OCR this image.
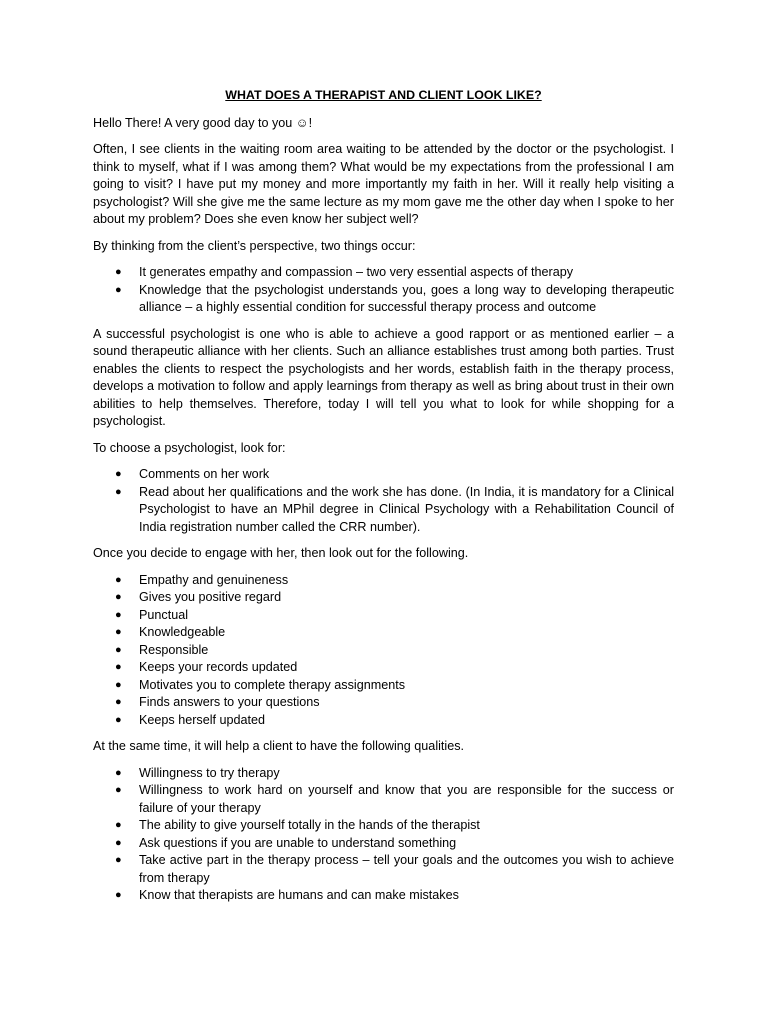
WHAT DOES A THERAPIST AND CLIENT LOOK LIKE?

Hello There! A very good day to you ☺!

Often, I see clients in the waiting room area waiting to be attended by the doctor or the psychologist. I think to myself, what if I was among them? What would be my expectations from the professional I am going to visit? I have put my money and more importantly my faith in her. Will it really help visiting a psychologist? Will she give me the same lecture as my mom gave me the other day when I spoke to her about my problem? Does she even know her subject well?

By thinking from the client’s perspective, two things occur:

● It generates empathy and compassion – two very essential aspects of therapy
● Knowledge that the psychologist understands you, goes a long way to developing therapeutic alliance – a highly essential condition for successful therapy process and outcome

A successful psychologist is one who is able to achieve a good rapport or as mentioned earlier – a sound therapeutic alliance with her clients. Such an alliance establishes trust among both parties. Trust enables the clients to respect the psychologists and her words, establish faith in the therapy process, develops a motivation to follow and apply learnings from therapy as well as bring about trust in their own abilities to help themselves. Therefore, today I will tell you what to look for while shopping for a psychologist.

To choose a psychologist, look for:

● Comments on her work
● Read about her qualifications and the work she has done. (In India, it is mandatory for a Clinical Psychologist to have an MPhil degree in Clinical Psychology with a Rehabilitation Council of India registration number called the CRR number).

Once you decide to engage with her, then look out for the following.

● Empathy and genuineness
● Gives you positive regard
● Punctual
● Knowledgeable
● Responsible
● Keeps your records updated
● Motivates you to complete therapy assignments
● Finds answers to your questions
● Keeps herself updated

At the same time, it will help a client to have the following qualities.

● Willingness to try therapy
● Willingness to work hard on yourself and know that you are responsible for the success or failure of your therapy
● The ability to give yourself totally in the hands of the therapist
● Ask questions if you are unable to understand something
● Take active part in the therapy process – tell your goals and the outcomes you wish to achieve from therapy
● Know that therapists are humans and can make mistakes
